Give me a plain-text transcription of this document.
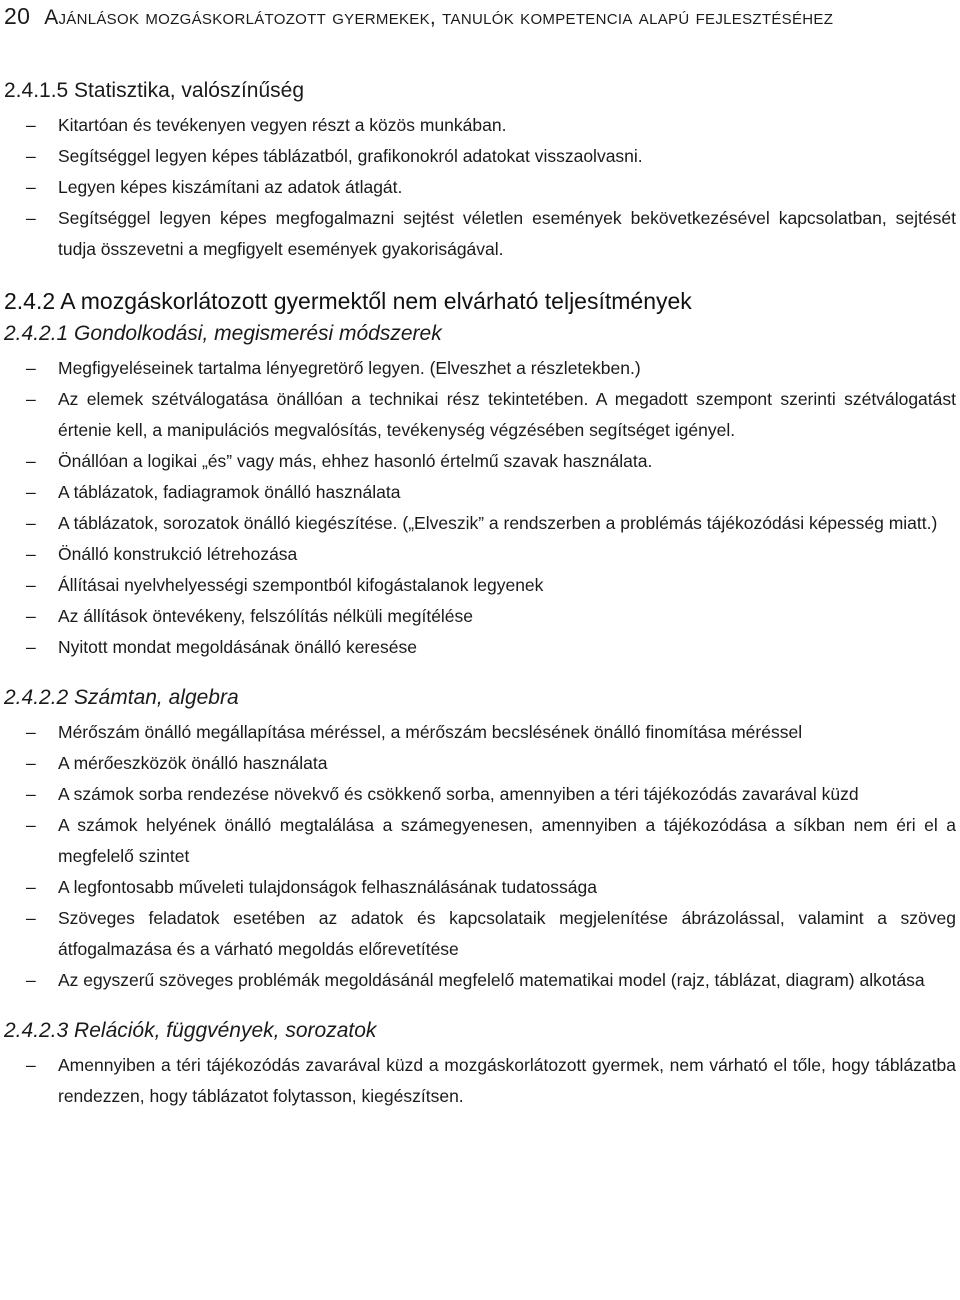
20 Ajánlások mozgáskorlátozott gyermekek, tanulók kompetencia alapú fejlesztéséhez
2.4.1.5 Statisztika, valószínűség
–	Kitartóan és tevékenyen vegyen részt a közös munkában.
–	Segítséggel legyen képes táblázatból, grafikonokról adatokat visszaolvasni.
–	Legyen képes kiszámítani az adatok átlagát.
–	Segítséggel legyen képes megfogalmazni sejtést véletlen események bekövetkezésével kapcsolatban, sejtését tudja összevetni a megfigyelt események gyakoriságával.
2.4.2 A mozgáskorlátozott gyermektől nem elvárható teljesítmények
2.4.2.1 Gondolkodási, megismerési módszerek
–	Megfigyeléseinek tartalma lényegretörő legyen. (Elveszhet a részletekben.)
–	Az elemek szétválogatása önállóan a technikai rész tekintetében. A megadott szempont szerinti szétválogatást értenie kell, a manipulációs megvalósítás, tevékenység végzésében segítséget igényel.
–	Önállóan a logikai „és” vagy más, ehhez hasonló értelmű szavak használata.
–	A táblázatok, fadiagramok önálló használata
–	A táblázatok, sorozatok önálló kiegészítése. („Elveszik” a rendszerben a problémás tájékozódási képesség miatt.)
–	Önálló konstrukció létrehozása
–	Állításai nyelvhelyességi szempontból kifogástalanok legyenek
–	Az állítások öntevékeny, felszólítás nélküli megítélése
–	Nyitott mondat megoldásának önálló keresése
2.4.2.2 Számtan, algebra
–	Mérőszám önálló megállapítása méréssel, a mérőszám becslésének önálló finomítása méréssel
–	A mérőeszközök önálló használata
–	A számok sorba rendezése növekvő és csökkenő sorba, amennyiben a téri tájékozódás zavarával küzd
–	A számok helyének önálló megtalálása a számegyenesen, amennyiben a tájékozódása a síkban nem éri el a megfelelő szintet
–	A legfontosabb műveleti tulajdonságok felhasználásának tudatossága
–	Szöveges feladatok esetében az adatok és kapcsolataik megjelenítése ábrázolással, valamint a szöveg átfogalmazása és a várható megoldás előrevetítése
–	Az egyszerű szöveges problémák megoldásánál megfelelő matematikai model (rajz, táblázat, diagram) alkotása
2.4.2.3 Relációk, függvények, sorozatok
–	Amennyiben a téri tájékozódás zavarával küzd a mozgáskorlátozott gyermek, nem várható el tőle, hogy táblázatba rendezzen, hogy táblázatot folytasson, kiegészítsen.
